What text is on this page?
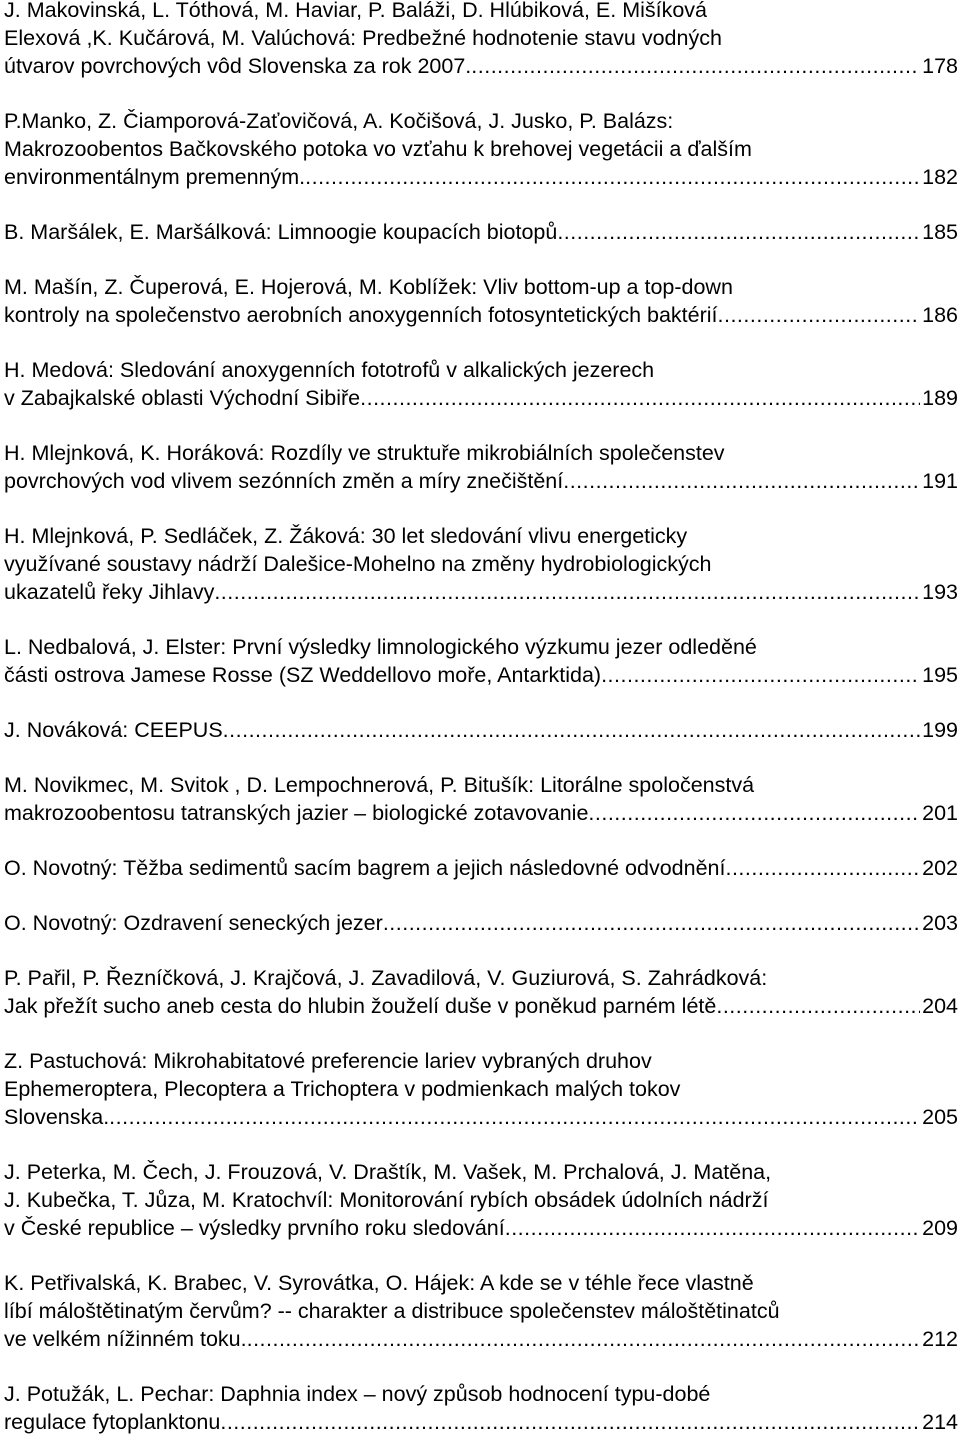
J. Makovinská, L. Tóthová, M. Haviar, P. Baláži, D. Hlúbiková, E. Mišíková
Elexová ,K. Kučárová, M. Valúchová: Predbežné hodnotenie stavu vodných
útvarov povrchových vôd Slovenska za rok 2007. .....	178
P.Manko, Z. Čiamporová-Zaťovičová, A. Kočišová, J. Jusko, P. Balázs:
Makrozoobentos Bačkovského potoka vo vzťahu k brehovej vegetácii a ďalším
environmentálnym premenným. .....	182
B. Maršálek, E. Maršálková: Limnoogie koupacích biotopů .....	185
M. Mašín, Z. Čuperová, E. Hojerová, M. Koblížek: Vliv bottom-up a top-down
kontroly na společenstvo aerobních anoxygenních fotosyntetických baktérií .....	186
H. Medová: Sledování anoxygenních fototrofů v alkalických jezerech
v Zabajkalské oblasti Východní Sibiře .....	189
H. Mlejnková, K. Horáková: Rozdíly ve struktuře mikrobiálních společenstev
povrchových vod vlivem sezónních změn a míry znečištění .....	191
H. Mlejnková, P. Sedláček, Z. Žáková: 30 let sledování vlivu energeticky
využívané soustavy nádrží Dalešice-Mohelno na změny hydrobiologických
ukazatelů řeky Jihlavy .....	193
L. Nedbalová, J. Elster: První výsledky limnologického výzkumu jezer odleděné
části ostrova Jamese Rosse (SZ Weddellovo moře, Antarktida) .....	195
J. Nováková: CEEPUS .....	199
M. Novikmec, M. Svitok , D. Lempochnerová, P. Bitušík: Litorálne spoločenstvá
makrozoobentosu tatranských jazier – biologické zotavovanie .....	201
O. Novotný: Těžba sedimentů sacím bagrem a jejich následovné odvodnění .....	202
O. Novotný: Ozdravení seneckých jezer .....	203
P. Pařil, P. Řezníčková, J. Krajčová, J. Zavadilová, V. Guziurová, S. Zahrádková:
Jak přežít sucho aneb cesta do hlubin žouželí duše v poněkud parném létě .....	204
Z. Pastuchová: Mikrohabitatové preferencie lariev vybraných druhov
Ephemeroptera, Plecoptera a Trichoptera v podmienkach malých tokov
Slovenska. .....	205
J. Peterka, M. Čech, J. Frouzová, V. Draštík, M. Vašek, M. Prchalová, J. Matěna,
J. Kubečka, T. Jůza, M. Kratochvíl: Monitorování rybích obsádek údolních nádrží
v České republice – výsledky prvního roku sledování .....	209
K. Petřivalská, K. Brabec, V. Syrovátka, O. Hájek: A kde se v téhle řece vlastně
líbí máloštětinatým červům? -- charakter a distribuce společenstev máloštětinatců
ve velkém nížinném toku. .....	212
J. Potužák, L. Pechar: Daphnia index – nový způsob hodnocení typu-dobé
regulace fytoplanktonu .....	214
